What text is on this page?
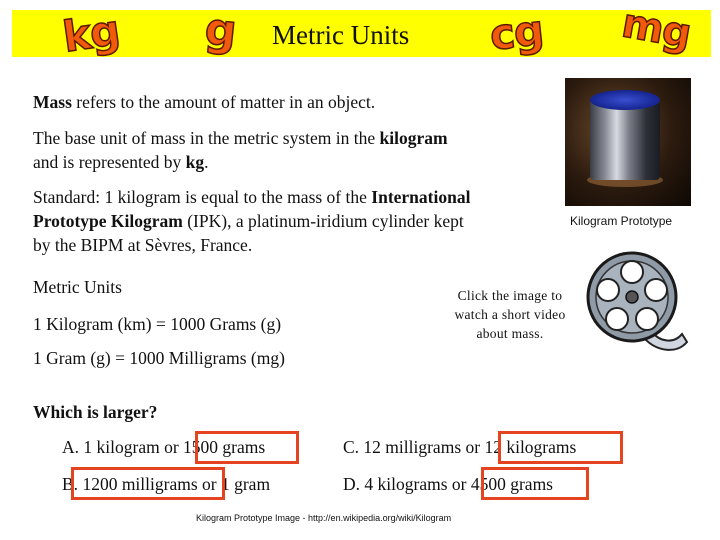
kg g Metric Units cg mg
Mass refers to the amount of matter in an object.
The base unit of mass in the metric system in the kilogram
and is represented by kg.
Standard: 1 kilogram is equal to the mass of the International
Prototype Kilogram (IPK), a platinum-iridium cylinder kept
by the BIPM at Sèvres, France.
Kilogram Prototype
Metric Units
1 Kilogram (km) = 1000 Grams (g)
1 Gram (g) = 1000 Milligrams (mg)
Click the image to
watch a short video
about mass.
Which is larger?
A. 1 kilogram or 1500 grams	C. 12 milligrams or 12 kilograms
B. 1200 milligrams or 1 gram	D. 4 kilograms or 4500 grams
Kilogram Prototype Image - http://en.wikipedia.org/wiki/Kilogram
